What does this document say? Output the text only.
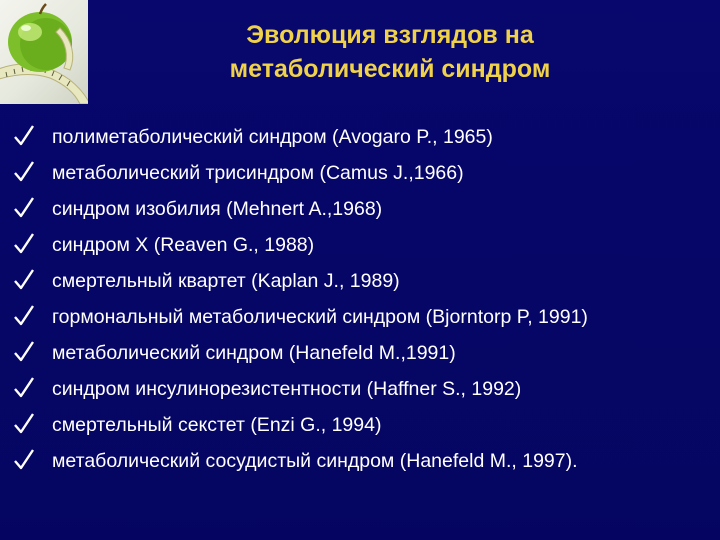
Эволюция взглядов на
метаболический синдром
полиметаболический синдром (Avogaro P., 1965)
метаболический трисиндром (Camus J.,1966)
синдром изобилия (Mehnert A.,1968)
синдром X (Reaven G., 1988)
смертельный квартет (Kaplan J., 1989)
гормональный метаболический синдром (Bjorntorp P, 1991)
метаболический синдром (Hanefeld M.,1991)
синдром инсулинорезистентности (Haffner S., 1992)
смертельный секстет (Enzi G., 1994)
метаболический сосудистый синдром (Hanefeld M., 1997).
